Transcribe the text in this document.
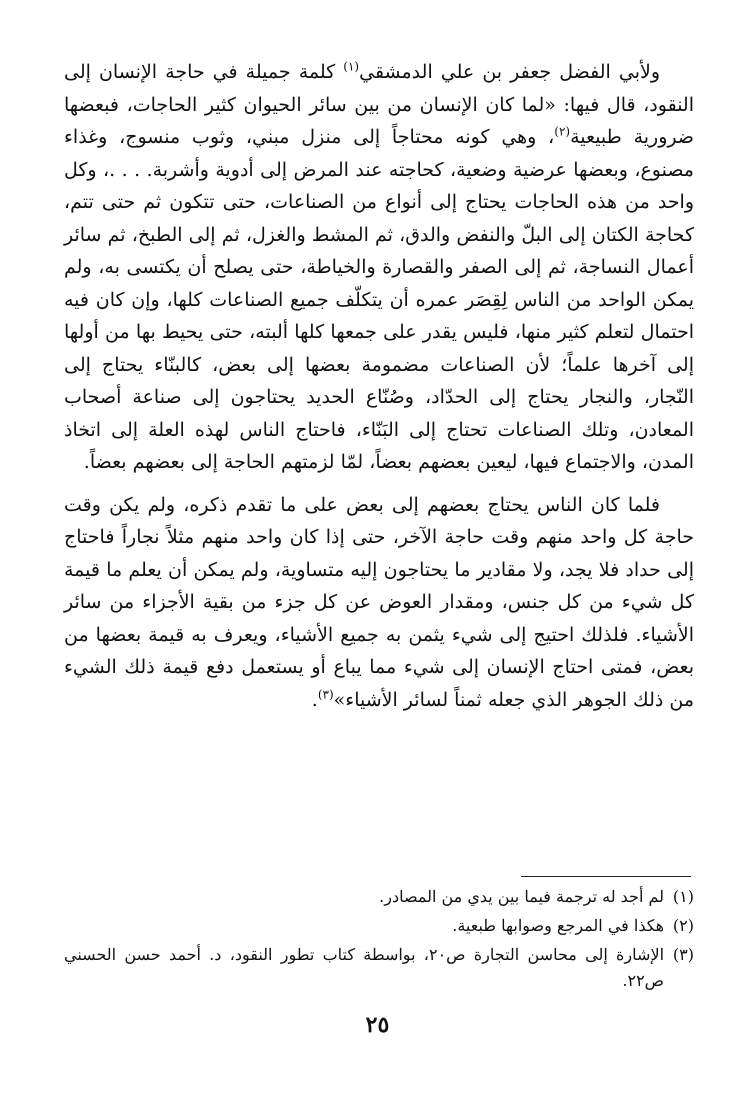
ولأبي الفضل جعفر بن علي الدمشقي$^{(١)}$ كلمة جميلة في حاجة الإنسان إلى النقود، قال فيها: «لما كان الإنسان من بين سائر الحيوان كثير الحاجات، فبعضها ضرورية طبيعية$^{(٢)}$، وهي كونه محتاجاً إلى منزل مبني، وثوب منسوج، وغذاء مصنوع، وبعضها عرضية وضعية، كحاجته عند المرض إلى أدوية وأشربة. . . .، وكل واحد من هذه الحاجات يحتاج إلى أنواع من الصناعات، حتى تتكون ثم حتى تتم، كحاجة الكتان إلى البلّ والنفض والدق، ثم المشط والغزل، ثم إلى الطبخ، ثم سائر أعمال النساجة، ثم إلى الصفر والقصارة والخياطة، حتى يصلح أن يكتسى به، ولم يمكن الواحد من الناس لِقِصَر عمره أن يتكلّف جميع الصناعات كلها، وإن كان فيه احتمال لتعلم كثير منها، فليس يقدر على جمعها كلها ألبته، حتى يحيط بها من أولها إلى آخرها علماً؛ لأن الصناعات مضمومة بعضها إلى بعض، كالبنّاء يحتاج إلى النّجار، والنجار يحتاج إلى الحدّاد، وصُنّاع الحديد يحتاجون إلى صناعة أصحاب المعادن، وتلك الصناعات تحتاج إلى البَنّاء، فاحتاج الناس لهذه العلة إلى اتخاذ المدن، والاجتماع فيها، ليعين بعضهم بعضاً، لمّا لزمتهم الحاجة إلى بعضهم بعضاً.

فلما كان الناس يحتاج بعضهم إلى بعض على ما تقدم ذكره، ولم يكن وقت حاجة كل واحد منهم وقت حاجة الآخر، حتى إذا كان واحد منهم مثلاً نجاراً فاحتاج إلى حداد فلا يجد، ولا مقادير ما يحتاجون إليه متساوية، ولم يمكن أن يعلم ما قيمة كل شيء من كل جنس، ومقدار العوض عن كل جزء من بقية الأجزاء من سائر الأشياء. فلذلك احتيج إلى شيء يثمن به جميع الأشياء، ويعرف به قيمة بعضها من بعض، فمتى احتاج الإنسان إلى شيء مما يباع أو يستعمل دفع قيمة ذلك الشيء من ذلك الجوهر الذي جعله ثمناً لسائر الأشياء»$^{(٣)}$.

(١)
لم أجد له ترجمة فيما بين يدي من المصادر.
(٢)
هكذا في المرجع وصوابها طبعية.
(٣)
الإشارة إلى محاسن التجارة ص٢٠، بواسطة كتاب تطور النقود، د. أحمد حسن الحسني ص٢٢.
٢٥
